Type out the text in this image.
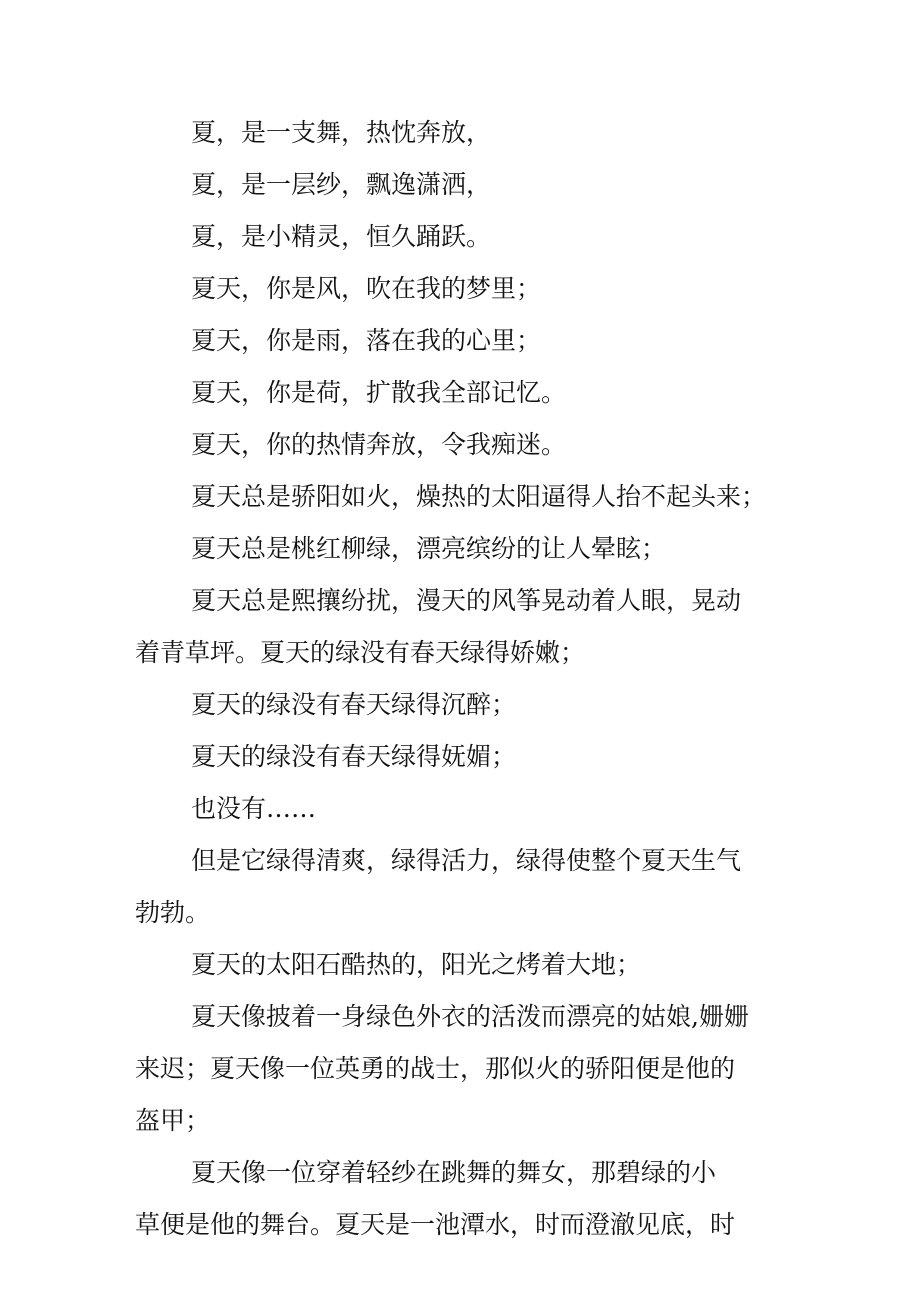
夏，是一支舞，热忱奔放，
夏，是一层纱，飘逸潇洒，
夏，是小精灵，恒久踊跃。
夏天，你是风，吹在我的梦里；
夏天，你是雨，落在我的心里；
夏天，你是荷，扩散我全部记忆。
夏天，你的热情奔放，令我痴迷。
夏天总是骄阳如火，燥热的太阳逼得人抬不起头来；
夏天总是桃红柳绿，漂亮缤纷的让人晕眩；
夏天总是熙攘纷扰，漫天的风筝晃动着人眼，晃动
着青草坪。夏天的绿没有春天绿得娇嫩；
夏天的绿没有春天绿得沉醉；
夏天的绿没有春天绿得妩媚；
也没有……
但是它绿得清爽，绿得活力，绿得使整个夏天生气
勃勃。
夏天的太阳石酷热的，阳光之烤着大地；
夏天像披着一身绿色外衣的活泼而漂亮的姑娘,姗姗
来迟；夏天像一位英勇的战士，那似火的骄阳便是他的
盔甲；
夏天像一位穿着轻纱在跳舞的舞女，那碧绿的小
草便是他的舞台。夏天是一池潭水，时而澄澈见底，时
